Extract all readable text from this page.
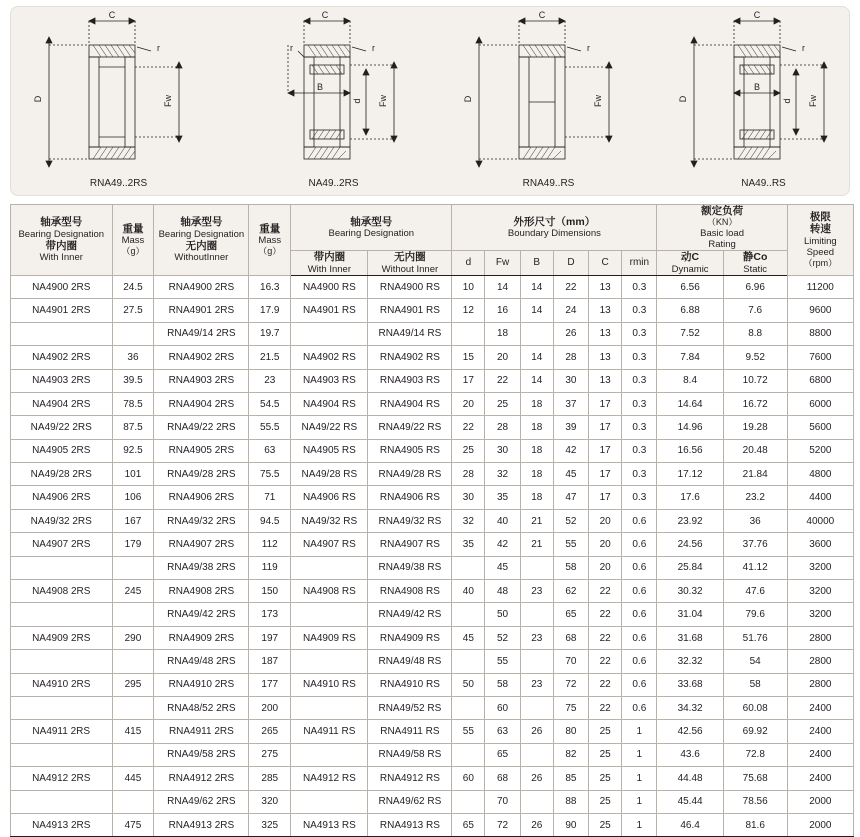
D
C
Fw
r
RNA49..2RS
C
B
d Fw
r	r
NA49..2RS
D
C
Fw
r
RNA49..RS
D
C
B
d Fw
r
NA49..RS
轴承型号
Bearing Designation
带内圈
With Inner	重量
Mass
（g）	轴承型号
Bearing Designation
无内圈
WithoutInner	重量
Mass
（g）	轴承型号
Bearing Designation		外形尺寸（mm）
Boundary Dimensions						额定负荷
（KN）
Basic load
Rating		极限
转速
Limiting
Speed
（rpm）

				带内圈
With Inner	无内圈
Without Inner	d	Fw	B	D	C	rmin	动C
Dynamic	静Co
Static	

NA4900 2RS	24.5	RNA4900 2RS	16.3	NA4900 RS	RNA4900 RS	10	14	14	22	13	0.3	6.56	6.96	11200
NA4901 2RS	27.5	RNA4901 2RS	17.9	NA4901 RS	RNA4901 RS	12	16	14	24	13	0.3	6.88	7.6	9600
		RNA49/14 2RS	19.7		RNA49/14 RS		18		26	13	0.3	7.52	8.8	8800
NA4902 2RS	36	RNA4902 2RS	21.5	NA4902 RS	RNA4902 RS	15	20	14	28	13	0.3	7.84	9.52	7600
NA4903 2RS	39.5	RNA4903 2RS	23	NA4903 RS	RNA4903 RS	17	22	14	30	13	0.3	8.4	10.72	6800
NA4904 2RS	78.5	RNA4904 2RS	54.5	NA4904 RS	RNA4904 RS	20	25	18	37	17	0.3	14.64	16.72	6000
NA49/22 2RS	87.5	RNA49/22 2RS	55.5	NA49/22 RS	RNA49/22 RS	22	28	18	39	17	0.3	14.96	19.28	5600
NA4905 2RS	92.5	RNA4905 2RS	63	NA4905 RS	RNA4905 RS	25	30	18	42	17	0.3	16.56	20.48	5200
NA49/28 2RS	101	RNA49/28 2RS	75.5	NA49/28 RS	RNA49/28 RS	28	32	18	45	17	0.3	17.12	21.84	4800
NA4906 2RS	106	RNA4906 2RS	71	NA4906 RS	RNA4906 RS	30	35	18	47	17	0.3	17.6	23.2	4400
NA49/32 2RS	167	RNA49/32 2RS	94.5	NA49/32 RS	RNA49/32 RS	32	40	21	52	20	0.6	23.92	36	40000
NA4907 2RS	179	RNA4907 2RS	112	NA4907 RS	RNA4907 RS	35	42	21	55	20	0.6	24.56	37.76	3600
		RNA49/38 2RS	119		RNA49/38 RS		45		58	20	0.6	25.84	41.12	3200
NA4908 2RS	245	RNA4908 2RS	150	NA4908 RS	RNA4908 RS	40	48	23	62	22	0.6	30.32	47.6	3200
		RNA49/42 2RS	173		RNA49/42 RS		50		65	22	0.6	31.04	79.6	3200
NA4909 2RS	290	RNA4909 2RS	197	NA4909 RS	RNA4909 RS	45	52	23	68	22	0.6	31.68	51.76	2800
		RNA49/48 2RS	187		RNA49/48 RS		55		70	22	0.6	32.32	54	2800
NA4910 2RS	295	RNA4910 2RS	177	NA4910 RS	RNA4910 RS	50	58	23	72	22	0.6	33.68	58	2800
		RNA48/52 2RS	200		RNA49/52 RS		60		75	22	0.6	34.32	60.08	2400
NA4911 2RS	415	RNA4911 2RS	265	NA4911 RS	RNA4911 RS	55	63	26	80	25	1	42.56	69.92	2400
		RNA49/58 2RS	275		RNA49/58 RS		65		82	25	1	43.6	72.8	2400
NA4912 2RS	445	RNA4912 2RS	285	NA4912 RS	RNA4912 RS	60	68	26	85	25	1	44.48	75.68	2400
		RNA49/62 2RS	320		RNA49/62 RS		70		88	25	1	45.44	78.56	2000
NA4913 2RS	475	RNA4913 2RS	325	NA4913 RS	RNA4913 RS	65	72	26	90	25	1	46.4	81.6	2000
